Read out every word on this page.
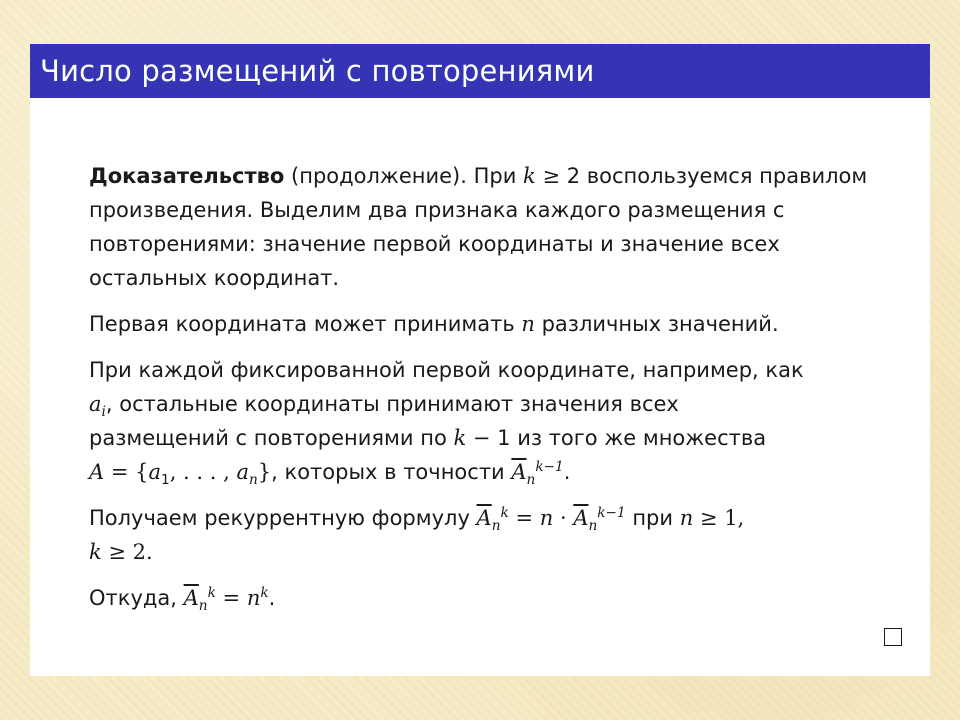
Число размещений с повторениями

Доказательство (продолжение). При k ≥ 2 воспользуемся правилом произведения. Выделим два признака каждого размещения с повторениями: значение первой координаты и значение всех остальных координат.

Первая координата может принимать n различных значений.

При каждой фиксированной первой координате, например, как
$a_i$, остальные координаты принимают значения всех
размещений с повторениями по k − 1 из того же множества
$A = \{a_1$, . . . , $a_n$}, которых в точности $\overline{A}_n^{k-1}$.

Получаем рекуррентную формулу $\overline{A}_n^k = n \cdot \overline{A}_n^{k-1}$ при n ≥ 1,
k ≥ 2.

Откуда, $\overline{A}_n^k = n^k$.
